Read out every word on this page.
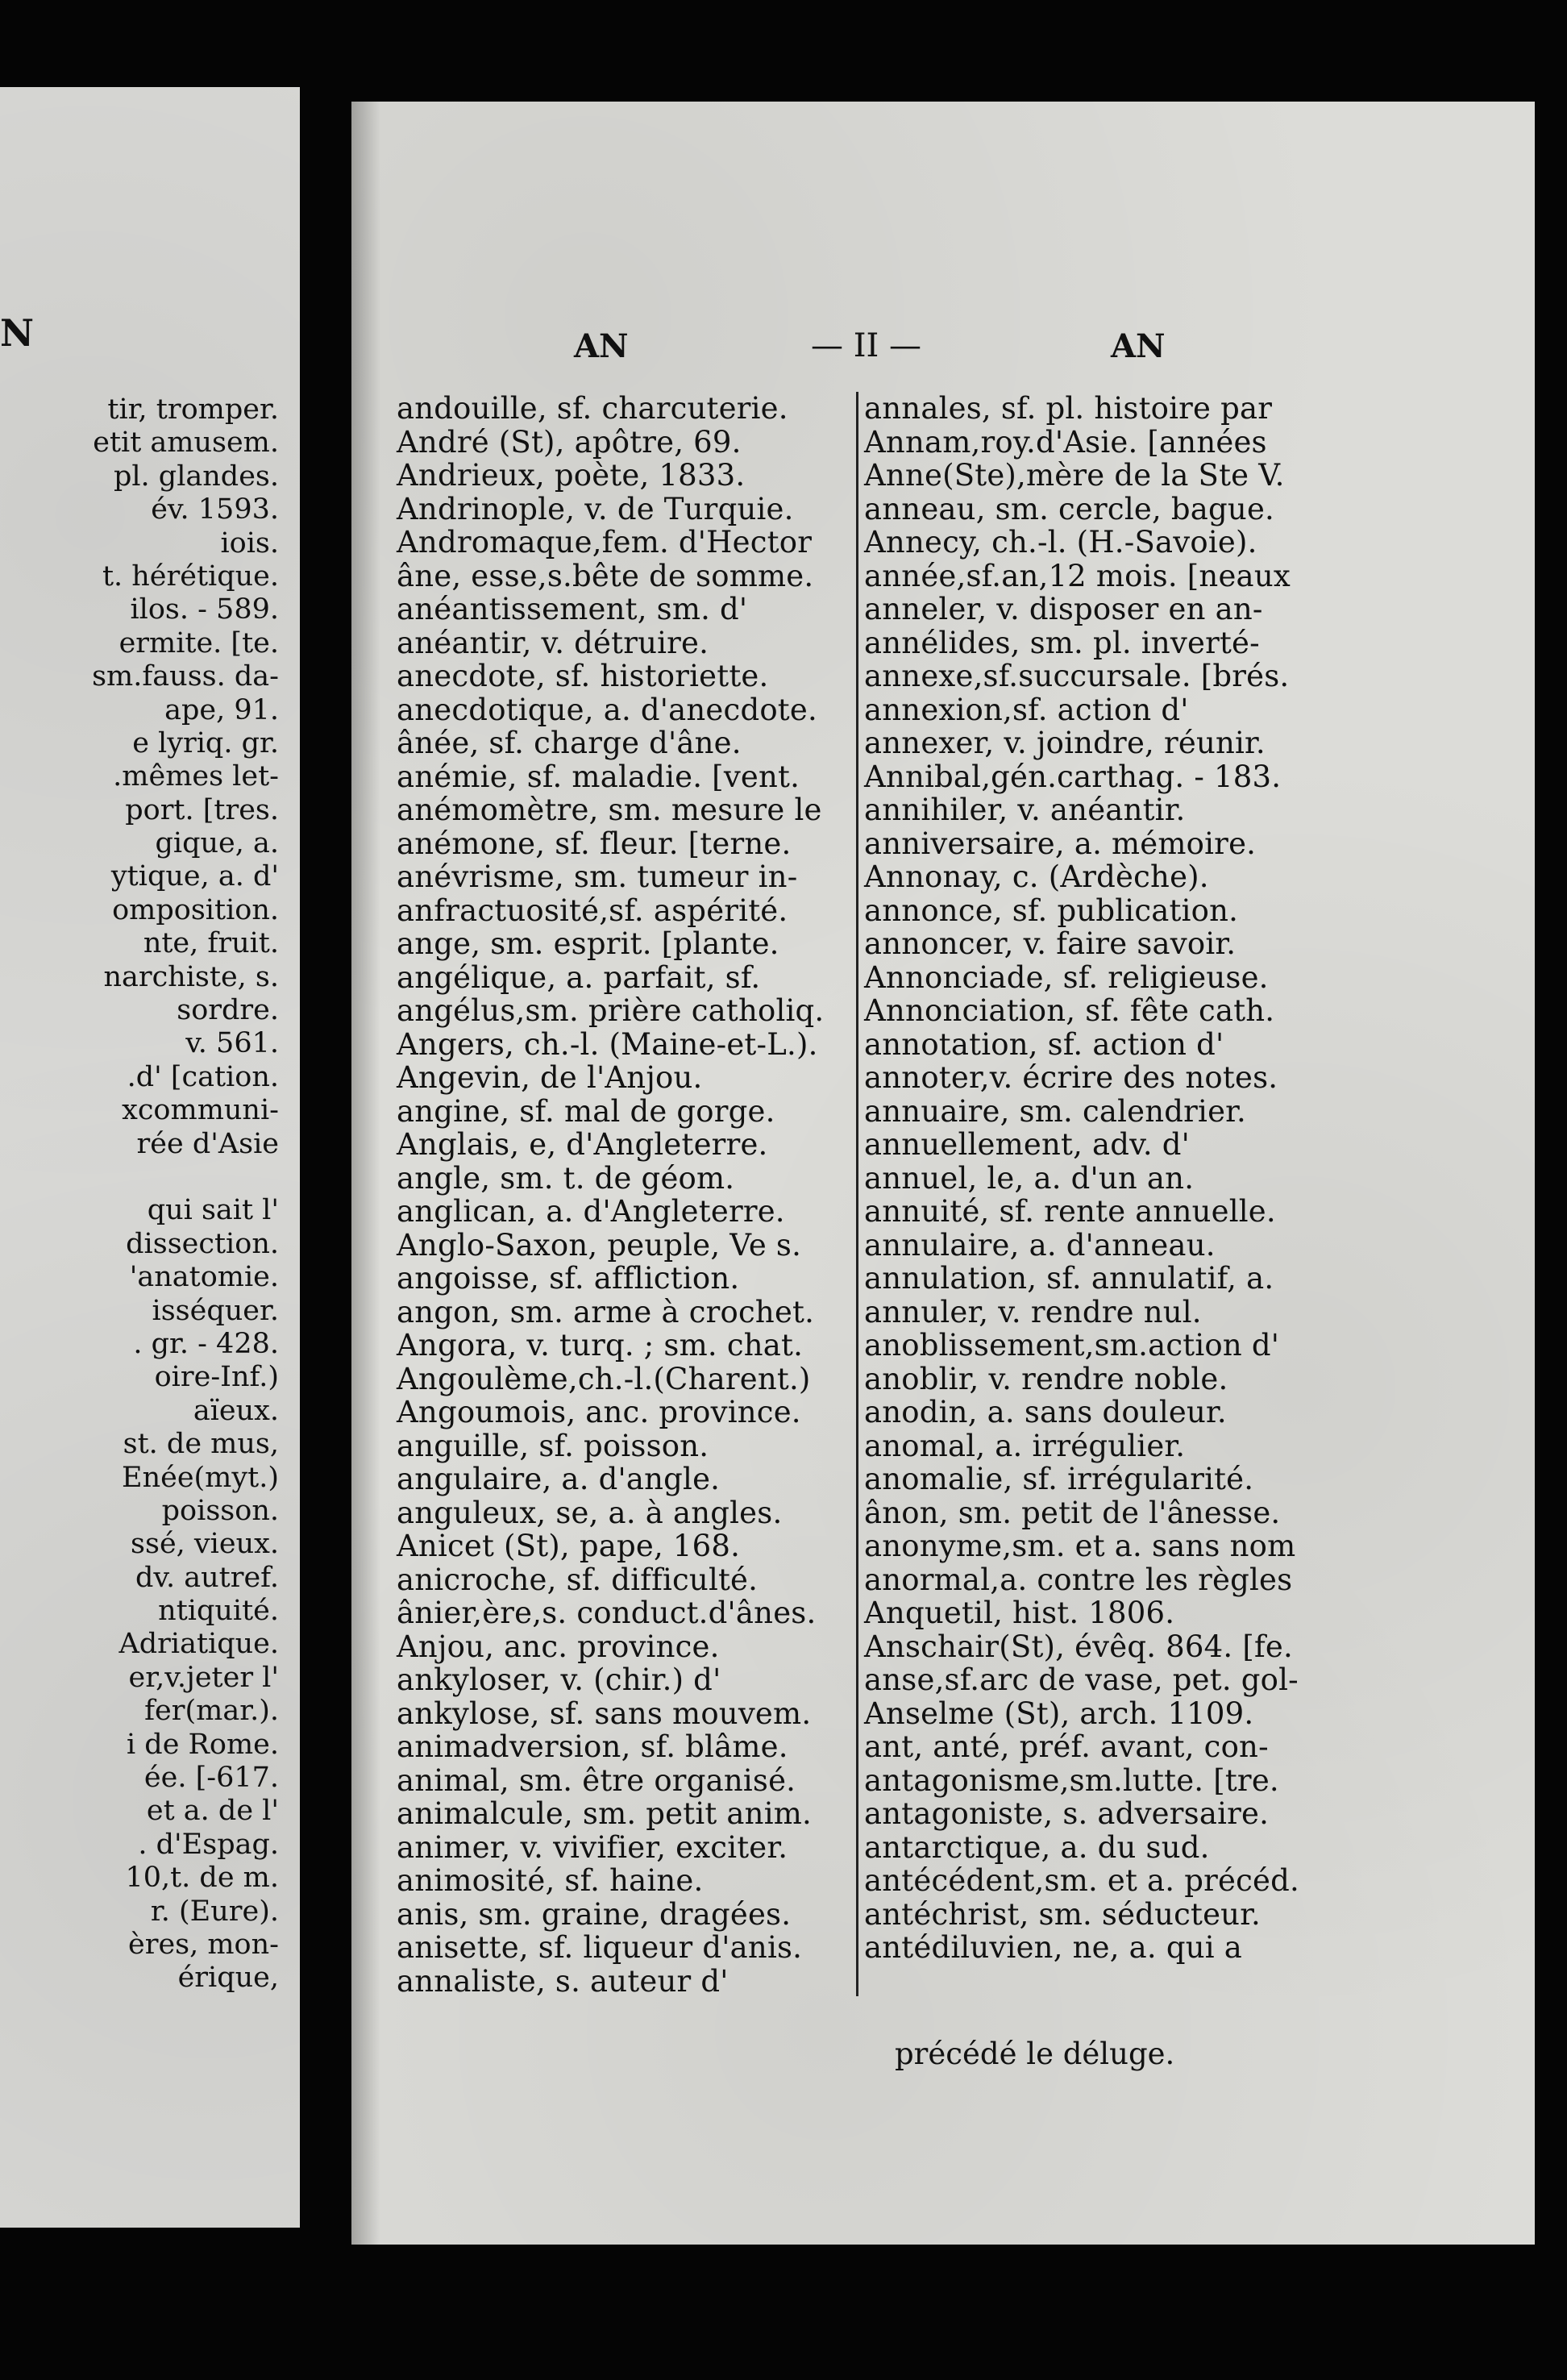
N
tir, tromper.
etit amusem.
pl. glandes.
év. 1593.
iois.
t. hérétique.
ilos. - 589.
ermite. [te.
sm.fauss. da-
ape, 91.
e lyriq. gr.
.mêmes let-
port. [tres.
gique, a.
ytique, a. d'
omposition.
nte, fruit.
narchiste, s.
sordre.
v. 561.
.d' [cation.
xcommuni-
rée d'Asie
qui sait l'
dissection.
'anatomie.
isséquer.
. gr. - 428.
oire-Inf.)
aïeux.
st. de mus,
Enée(myt.)
poisson.
ssé, vieux.
dv. autref.
ntiquité.
Adriatique.
er,v.jeter l'
fer(mar.).
i de Rome.
ée. [-617.
et a. de l'
. d'Espag.
10,t. de m.
r. (Eure).
ères, mon-
érique,
AN	— II —	AN
andouille, sf. charcuterie.
André (St), apôtre, 69.
Andrieux, poète, 1833.
Andrinople, v. de Turquie.
Andromaque,fem. d'Hector
âne, esse,s.bête de somme.
anéantissement, sm. d'
anéantir, v. détruire.
anecdote, sf. historiette.
anecdotique, a. d'anecdote.
ânée, sf. charge d'âne.
anémie, sf. maladie. [vent.
anémomètre, sm. mesure le
anémone, sf. fleur. [terne.
anévrisme, sm. tumeur in-
anfractuosité,sf. aspérité.
ange, sm. esprit. [plante.
angélique, a. parfait, sf.
angélus,sm. prière catholiq.
Angers, ch.-l. (Maine-et-L.).
Angevin, de l'Anjou.
angine, sf. mal de gorge.
Anglais, e, d'Angleterre.
angle, sm. t. de géom.
anglican, a. d'Angleterre.
Anglo-Saxon, peuple, Ve s.
angoisse, sf. affliction.
angon, sm. arme à crochet.
Angora, v. turq. ; sm. chat.
Angoulème,ch.-l.(Charent.)
Angoumois, anc. province.
anguille, sf. poisson.
angulaire, a. d'angle.
anguleux, se, a. à angles.
Anicet (St), pape, 168.
anicroche, sf. difficulté.
ânier,ère,s. conduct.d'ânes.
Anjou, anc. province.
ankyloser, v. (chir.) d'
ankylose, sf. sans mouvem.
animadversion, sf. blâme.
animal, sm. être organisé.
animalcule, sm. petit anim.
animer, v. vivifier, exciter.
animosité, sf. haine.
anis, sm. graine, dragées.
anisette, sf. liqueur d'anis.
annaliste, s. auteur d'
annales, sf. pl. histoire par
Annam,roy.d'Asie. [années
Anne(Ste),mère de la Ste V.
anneau, sm. cercle, bague.
Annecy, ch.-l. (H.-Savoie).
année,sf.an,12 mois. [neaux
anneler, v. disposer en an-
annélides, sm. pl. inverté-
annexe,sf.succursale. [brés.
annexion,sf. action d'
annexer, v. joindre, réunir.
Annibal,gén.carthag. - 183.
annihiler, v. anéantir.
anniversaire, a. mémoire.
Annonay, c. (Ardèche).
annonce, sf. publication.
annoncer, v. faire savoir.
Annonciade, sf. religieuse.
Annonciation, sf. fête cath.
annotation, sf. action d'
annoter,v. écrire des notes.
annuaire, sm. calendrier.
annuellement, adv. d'
annuel, le, a. d'un an.
annuité, sf. rente annuelle.
annulaire, a. d'anneau.
annulation, sf. annulatif, a.
annuler, v. rendre nul.
anoblissement,sm.action d'
anoblir, v. rendre noble.
anodin, a. sans douleur.
anomal, a. irrégulier.
anomalie, sf. irrégularité.
ânon, sm. petit de l'ânesse.
anonyme,sm. et a. sans nom
anormal,a. contre les règles
Anquetil, hist. 1806.
Anschair(St), évêq. 864. [fe.
anse,sf.arc de vase, pet. gol-
Anselme (St), arch. 1109.
ant, anté, préf. avant, con-
antagonisme,sm.lutte. [tre.
antagoniste, s. adversaire.
antarctique, a. du sud.
antécédent,sm. et a. précéd.
antéchrist, sm. séducteur.
antédiluvien, ne, a. qui a
précédé le déluge.
